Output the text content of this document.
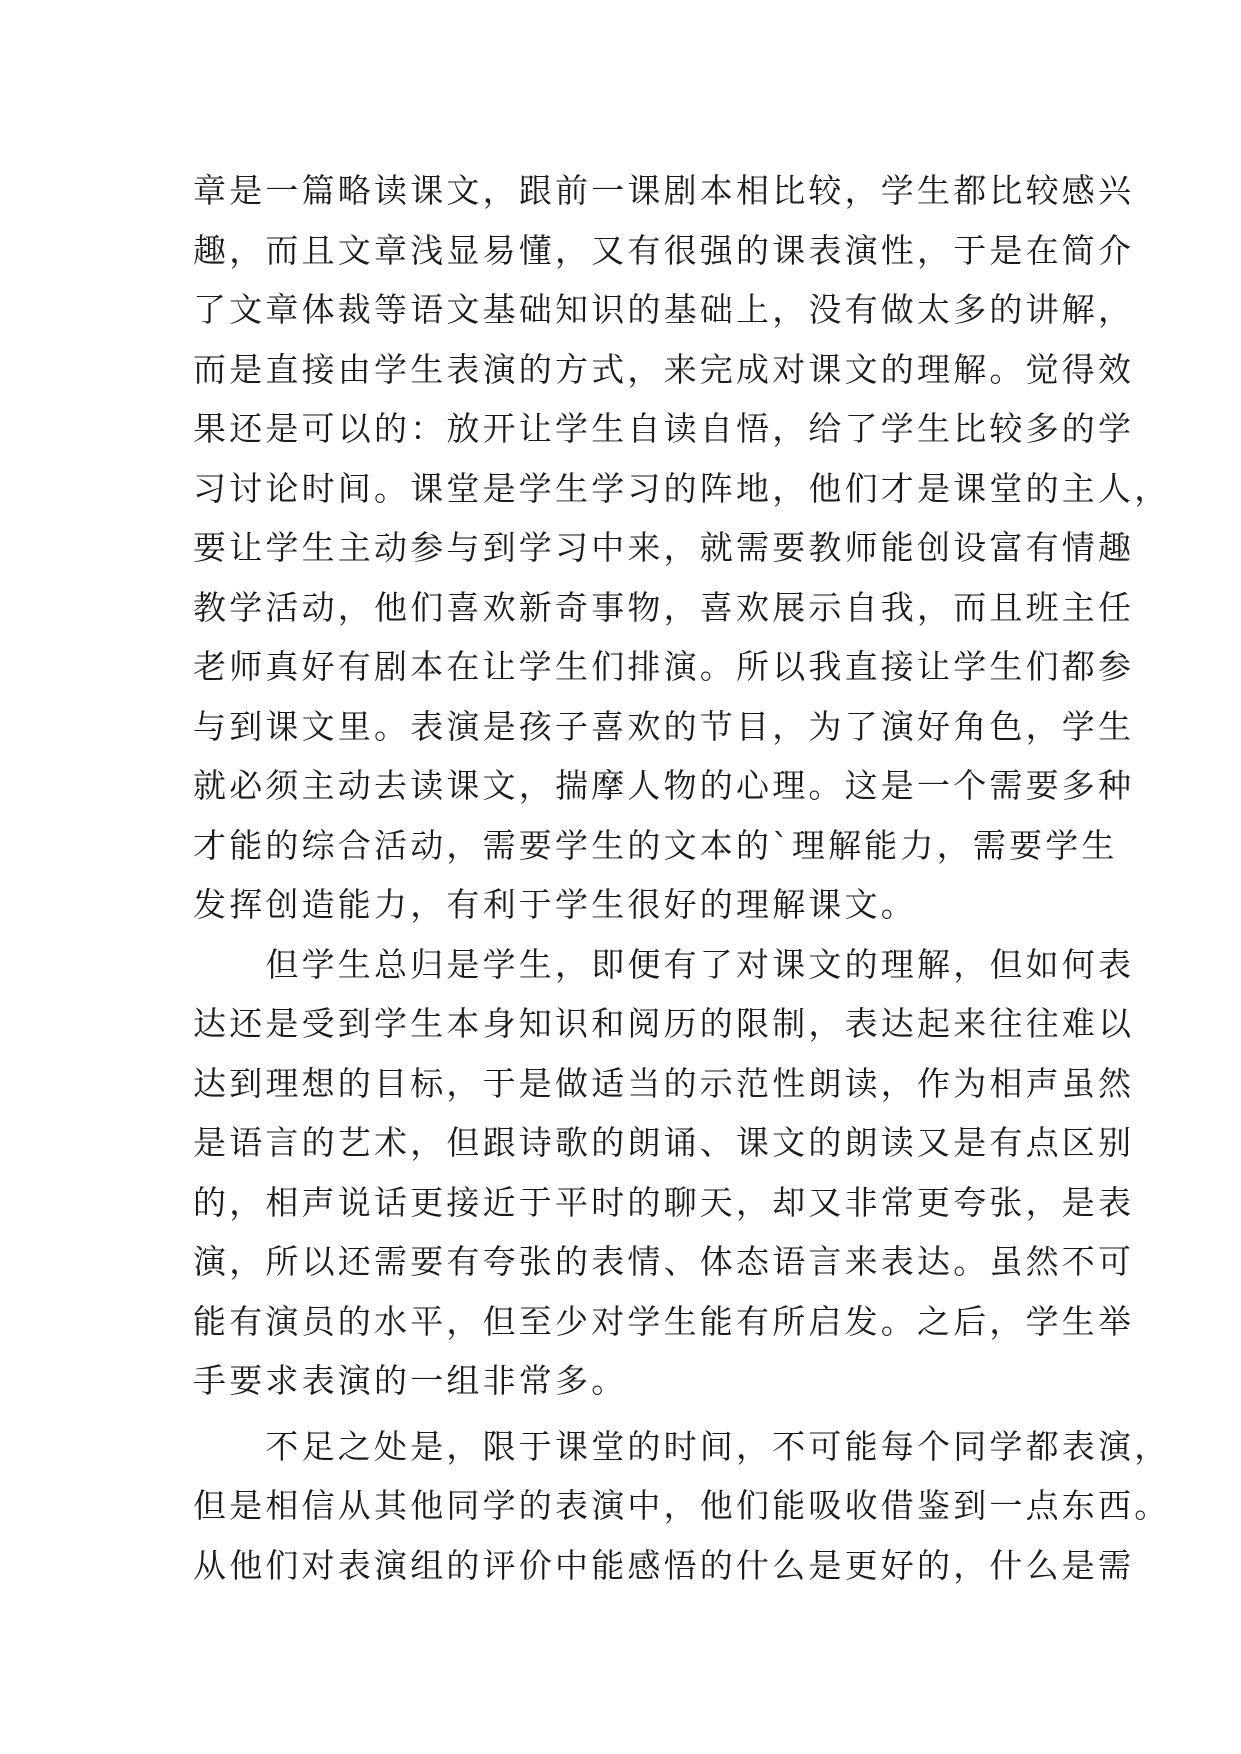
章是一篇略读课文，跟前一课剧本相比较，学生都比较感兴
趣，而且文章浅显易懂，又有很强的课表演性，于是在简介
了文章体裁等语文基础知识的基础上，没有做太多的讲解，
而是直接由学生表演的方式，来完成对课文的理解。觉得效
果还是可以的：放开让学生自读自悟，给了学生比较多的学
习讨论时间。课堂是学生学习的阵地，他们才是课堂的主人，
要让学生主动参与到学习中来，就需要教师能创设富有情趣
教学活动，他们喜欢新奇事物，喜欢展示自我，而且班主任
老师真好有剧本在让学生们排演。所以我直接让学生们都参
与到课文里。表演是孩子喜欢的节目，为了演好角色，学生
就必须主动去读课文，揣摩人物的心理。这是一个需要多种
才能的综合活动，需要学生的文本的`理解能力，需要学生
发挥创造能力，有利于学生很好的理解课文。
　　但学生总归是学生，即便有了对课文的理解，但如何表
达还是受到学生本身知识和阅历的限制，表达起来往往难以
达到理想的目标，于是做适当的示范性朗读，作为相声虽然
是语言的艺术，但跟诗歌的朗诵、课文的朗读又是有点区别
的，相声说话更接近于平时的聊天，却又非常更夸张，是表
演，所以还需要有夸张的表情、体态语言来表达。虽然不可
能有演员的水平，但至少对学生能有所启发。之后，学生举
手要求表演的一组非常多。
　　不足之处是，限于课堂的时间，不可能每个同学都表演，
但是相信从其他同学的表演中，他们能吸收借鉴到一点东西。
从他们对表演组的评价中能感悟的什么是更好的，什么是需
